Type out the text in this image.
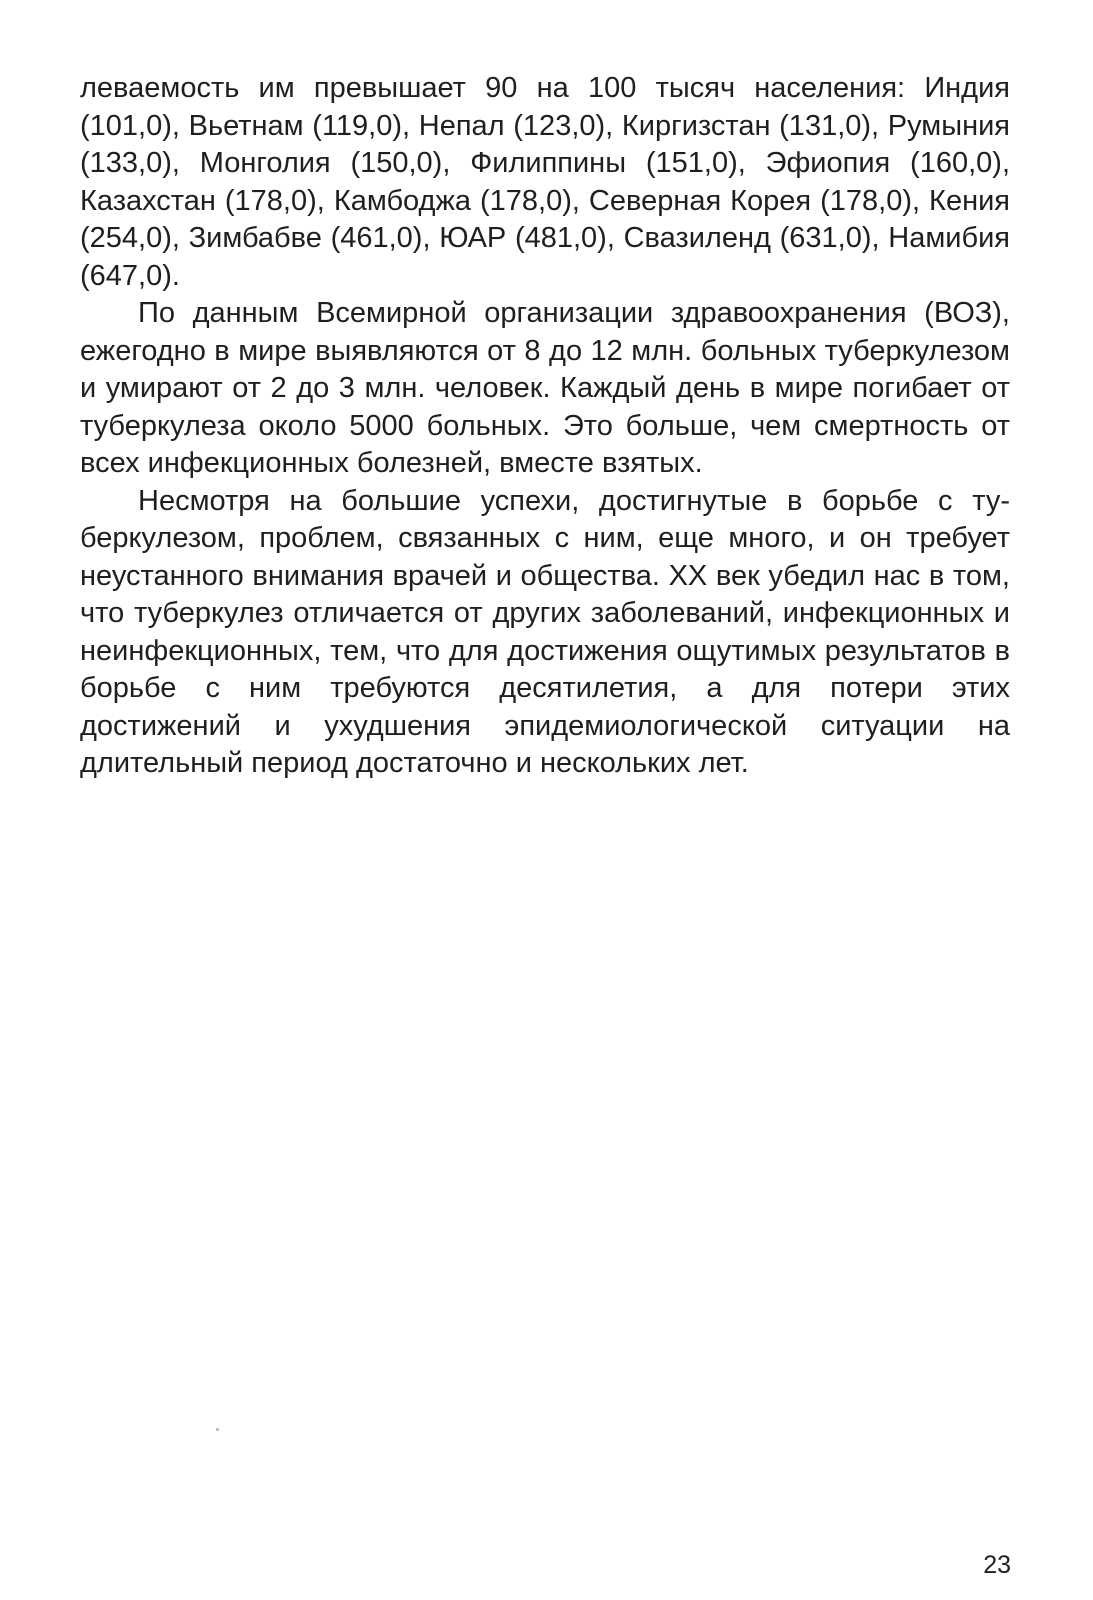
леваемость им превышает 90 на 100 тысяч населения: Индия (101,0), Вьетнам (119,0), Непал (123,0), Киргизстан (131,0), Румыния (133,0), Монголия (150,0), Филиппины (151,0), Эфиопия (160,0), Казахстан (178,0), Камбоджа (178,0), Северная Корея (178,0), Кения (254,0), Зимбабве (461,0), ЮАР (481,0), Свазиленд (631,0), Намибия (647,0).

По данным Всемирной организации здравоохранения (ВОЗ), ежегодно в мире выявляются от 8 до 12 млн. больных туберкулезом и умирают от 2 до 3 млн. человек. Каждый день в мире погибает от туберкулеза около 5000 больных. Это больше, чем смертность от всех инфекционных болезней, вместе взятых.

Несмотря на большие успехи, достигнутые в борьбе с туберкулезом, проблем, связанных с ним, еще много, и он требует неустанного внимания врачей и общества. XX век убедил нас в том, что туберкулез отличается от других заболеваний, инфекционных и неинфекционных, тем, что для достижения ощутимых результатов в борьбе с ним требуются десятилетия, а для потери этих достижений и ухудшения эпидемиологической ситуации на длительный период достаточно и нескольких лет.

23
